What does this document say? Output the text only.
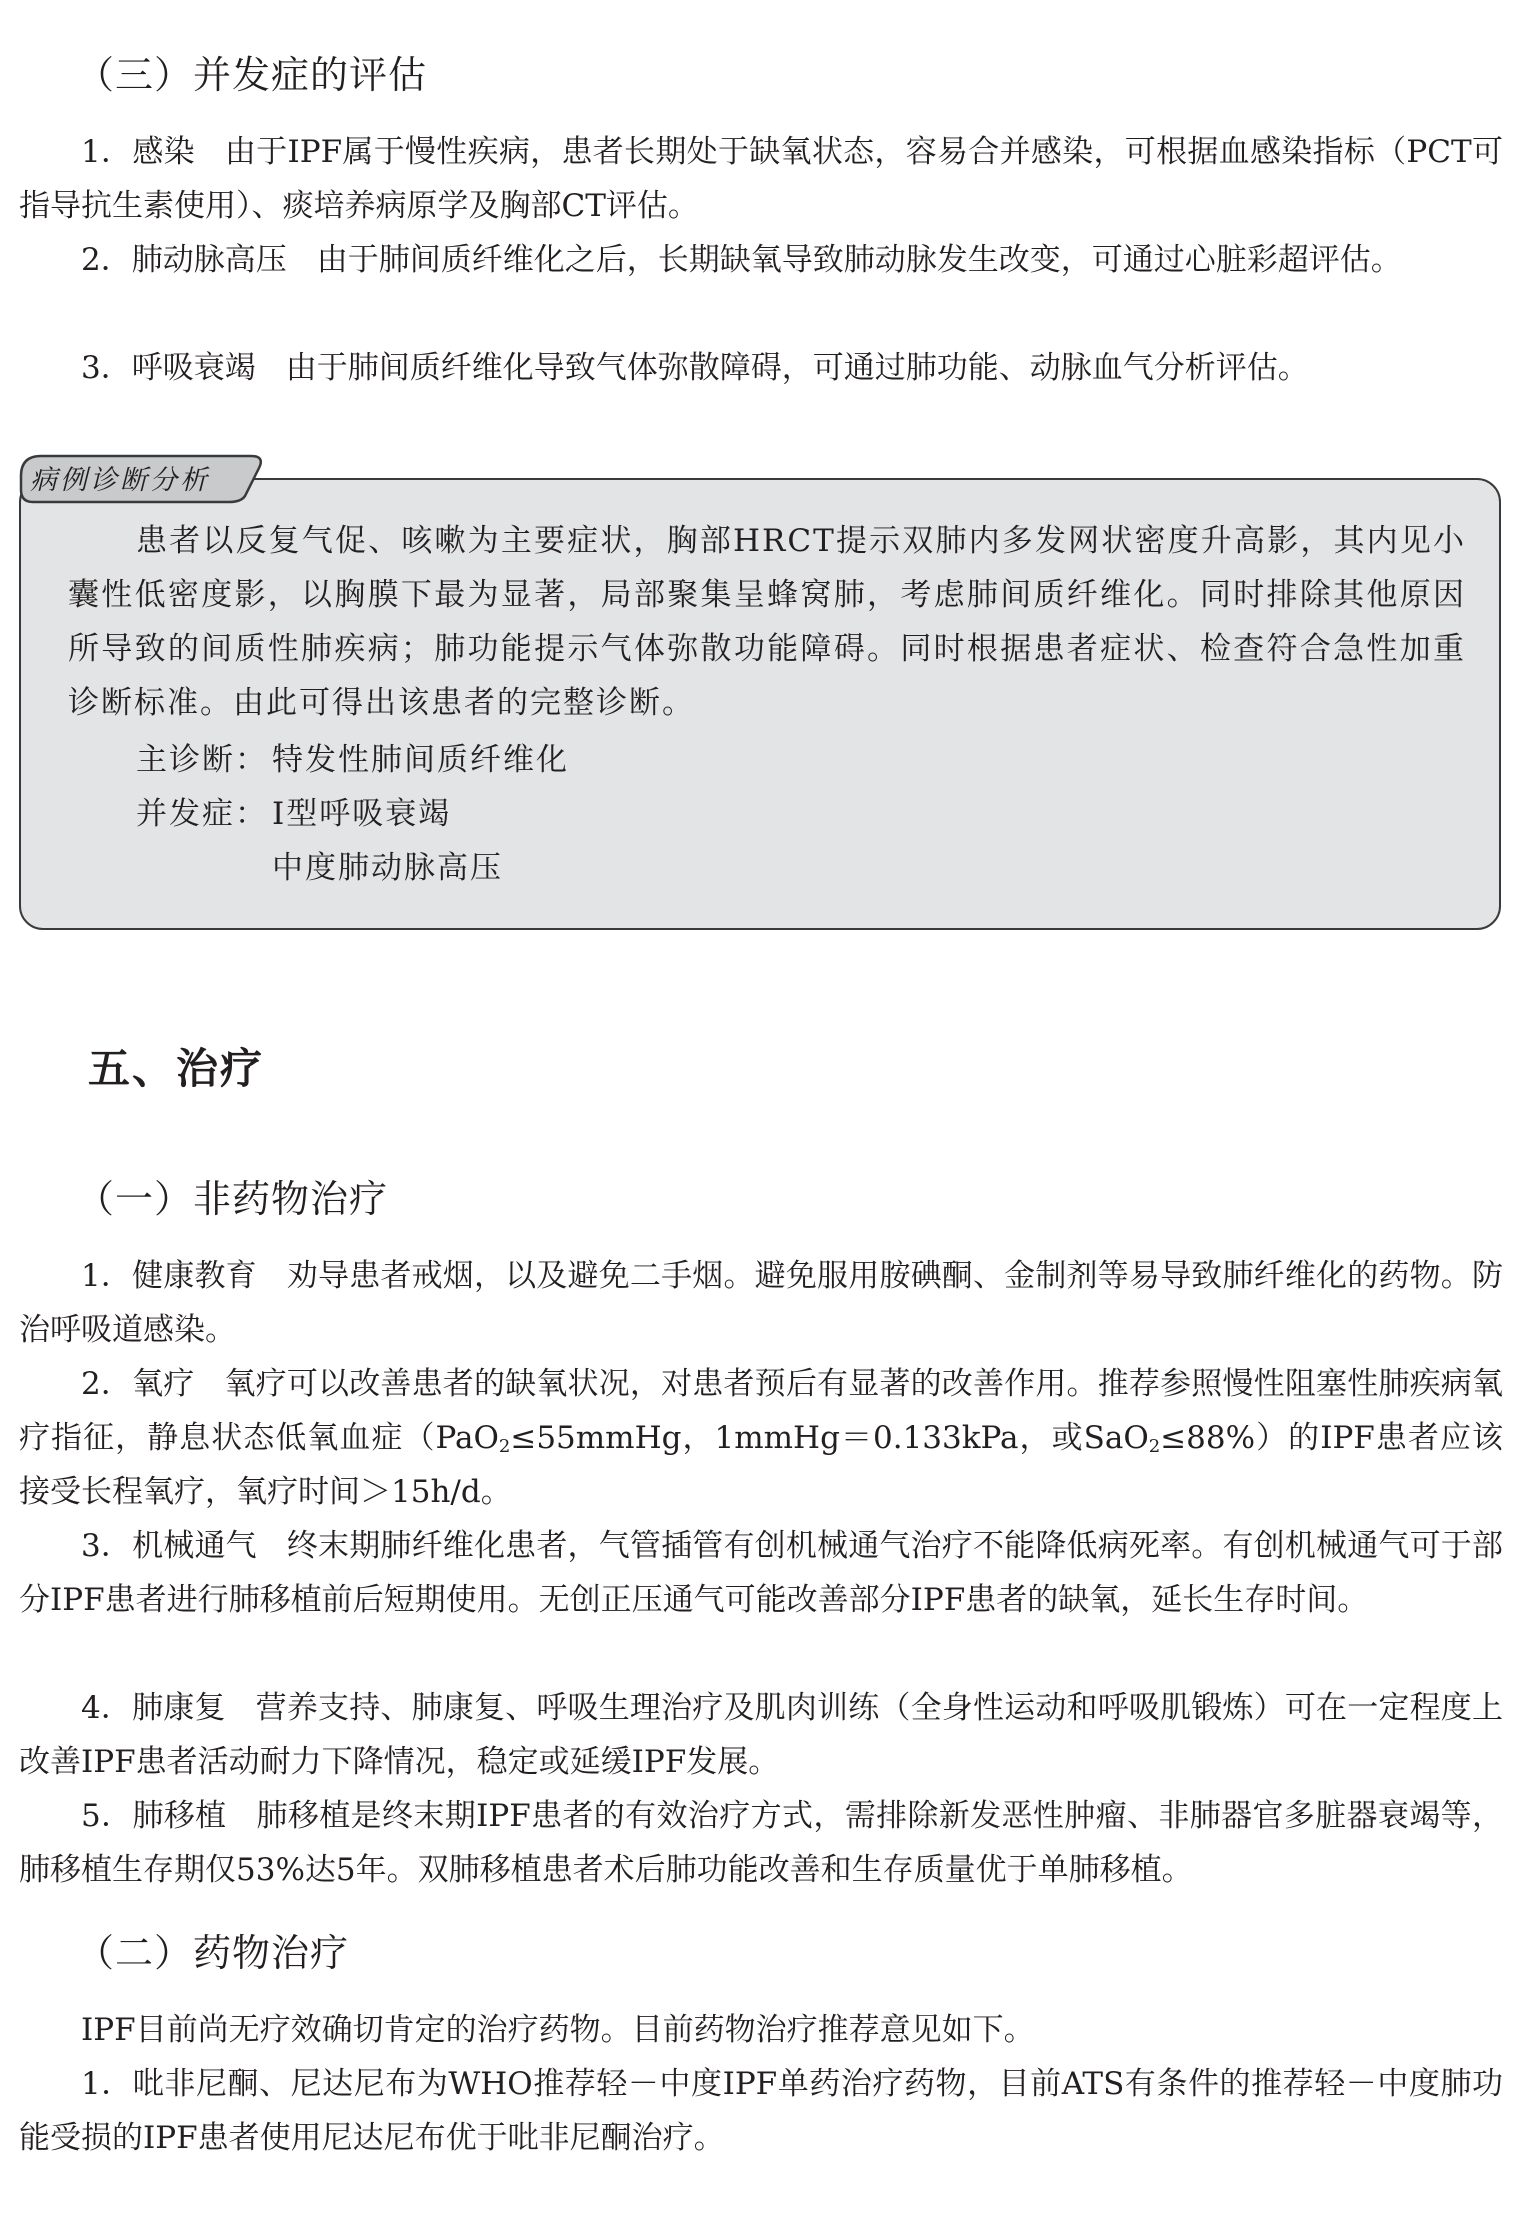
（三）并发症的评估

1．感染 由于IPF属于慢性疾病，患者长期处于缺氧状态，容易合并感染，可根据血感染指标（PCT可指导抗生素使用）、痰培养病原学及胸部CT评估。

2．肺动脉高压 由于肺间质纤维化之后，长期缺氧导致肺动脉发生改变，可通过心脏彩超评估。

3．呼吸衰竭 由于肺间质纤维化导致气体弥散障碍，可通过肺功能、动脉血气分析评估。

病例诊断分析

患者以反复气促、咳嗽为主要症状，胸部HRCT提示双肺内多发网状密度升高影，其内见小囊性低密度影，以胸膜下最为显著，局部聚集呈蜂窝肺，考虑肺间质纤维化。同时排除其他原因所导致的间质性肺疾病；肺功能提示气体弥散功能障碍。同时根据患者症状、检查符合急性加重诊断标准。由此可得出该患者的完整诊断。

主诊断： 特发性肺间质纤维化
并发症： Ⅰ型呼吸衰竭
中度肺动脉高压
五、治疗
（一）非药物治疗

1．健康教育 劝导患者戒烟，以及避免二手烟。避免服用胺碘酮、金制剂等易导致肺纤维化的药物。防治呼吸道感染。

2．氧疗 氧疗可以改善患者的缺氧状况，对患者预后有显著的改善作用。推荐参照慢性阻塞性肺疾病氧疗指征，静息状态低氧血症（PaO$_2$≤55mmHg，1mmHg＝0.133kPa，或SaO$_2$≤88%）的IPF患者应该接受长程氧疗，氧疗时间＞15h/d。

3．机械通气 终末期肺纤维化患者，气管插管有创机械通气治疗不能降低病死率。有创机械通气可于部分IPF患者进行肺移植前后短期使用。无创正压通气可能改善部分IPF患者的缺氧，延长生存时间。

4．肺康复 营养支持、肺康复、呼吸生理治疗及肌肉训练（全身性运动和呼吸肌锻炼）可在一定程度上改善IPF患者活动耐力下降情况，稳定或延缓IPF发展。

5．肺移植 肺移植是终末期IPF患者的有效治疗方式，需排除新发恶性肿瘤、非肺器官多脏器衰竭等，肺移植生存期仅53%达5年。双肺移植患者术后肺功能改善和生存质量优于单肺移植。

（二）药物治疗

IPF目前尚无疗效确切肯定的治疗药物。目前药物治疗推荐意见如下。

1．吡非尼酮、尼达尼布为WHO推荐轻－中度IPF单药治疗药物，目前ATS有条件的推荐轻－中度肺功能受损的IPF患者使用尼达尼布优于吡非尼酮治疗。
